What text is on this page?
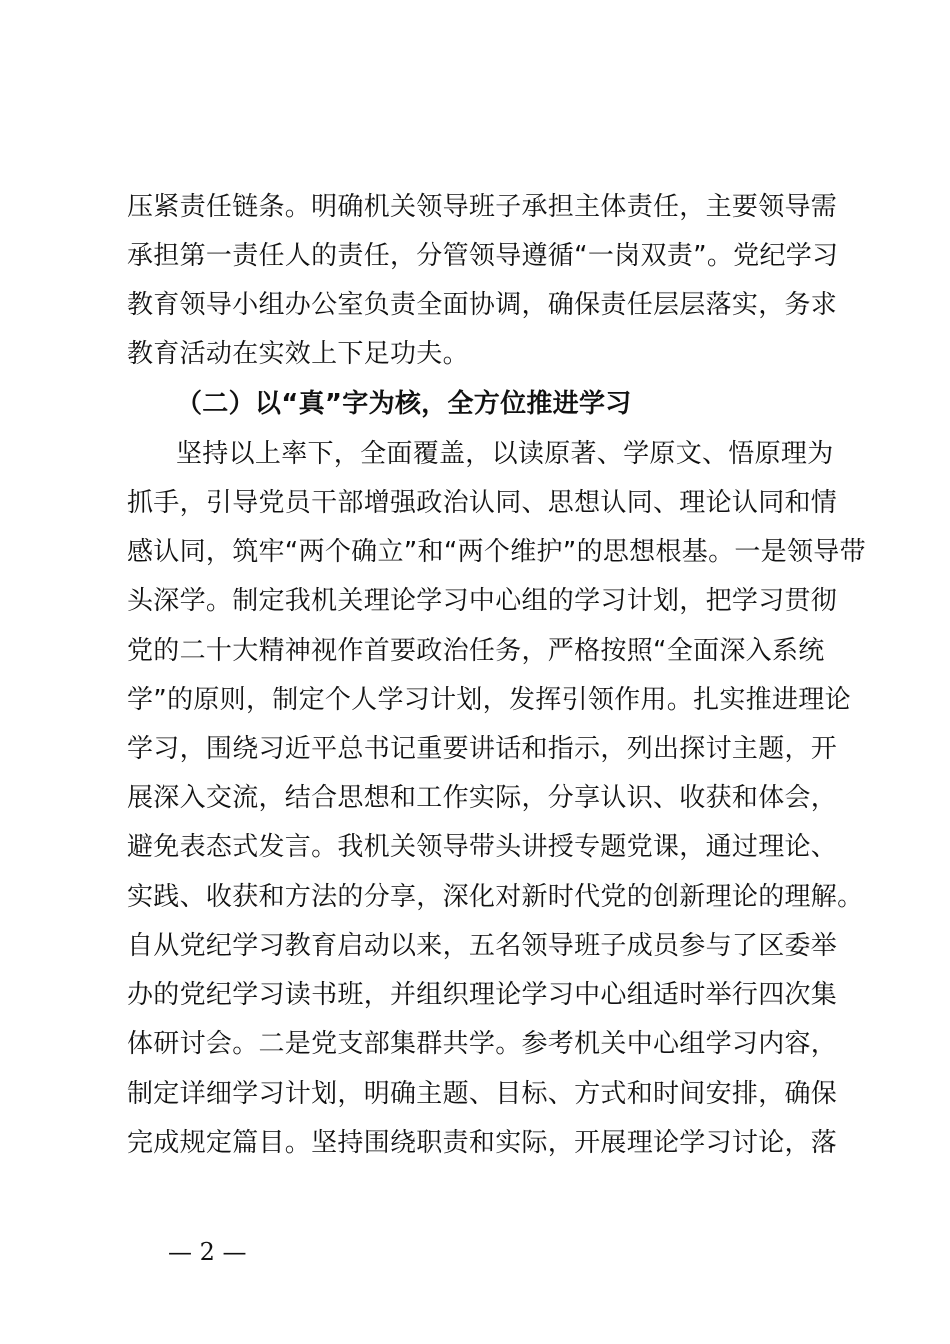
压紧责任链条。明确机关领导班子承担主体责任，主要领导需
承担第一责任人的责任，分管领导遵循“一岗双责”。党纪学习
教育领导小组办公室负责全面协调，确保责任层层落实，务求
教育活动在实效上下足功夫。
（二）以“真”字为核，全方位推进学习
坚持以上率下，全面覆盖，以读原著、学原文、悟原理为
抓手，引导党员干部增强政治认同、思想认同、理论认同和情
感认同，筑牢“两个确立”和“两个维护”的思想根基。一是领导带
头深学。制定我机关理论学习中心组的学习计划，把学习贯彻
党的二十大精神视作首要政治任务，严格按照“全面深入系统
学”的原则，制定个人学习计划，发挥引领作用。扎实推进理论
学习，围绕习近平总书记重要讲话和指示，列出探讨主题，开
展深入交流，结合思想和工作实际，分享认识、收获和体会，
避免表态式发言。我机关领导带头讲授专题党课，通过理论、
实践、收获和方法的分享，深化对新时代党的创新理论的理解。
自从党纪学习教育启动以来，五名领导班子成员参与了区委举
办的党纪学习读书班，并组织理论学习中心组适时举行四次集
体研讨会。二是党支部集群共学。参考机关中心组学习内容，
制定详细学习计划，明确主题、目标、方式和时间安排，确保
完成规定篇目。坚持围绕职责和实际，开展理论学习讨论，落
— 2 —
